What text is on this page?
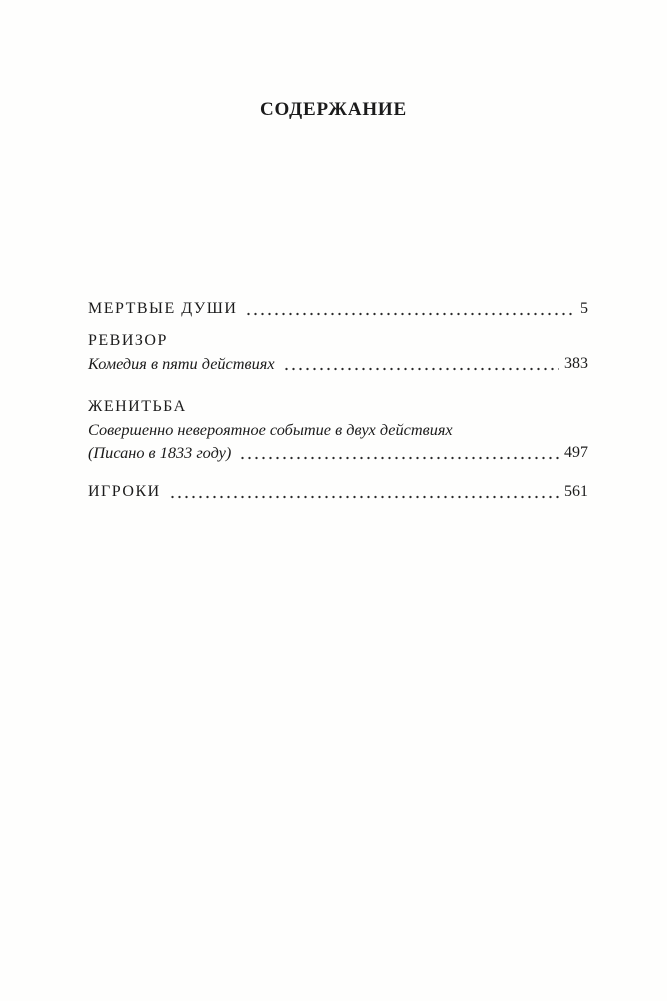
СОДЕРЖАНИЕ
МЕРТВЫЕ ДУШИ	5
РЕВИЗОР
Комедия в пяти действиях	383
ЖЕНИТЬБА
Совершенно невероятное событие в двух действиях
(Писано в 1833 году)	497
ИГРОКИ	561
